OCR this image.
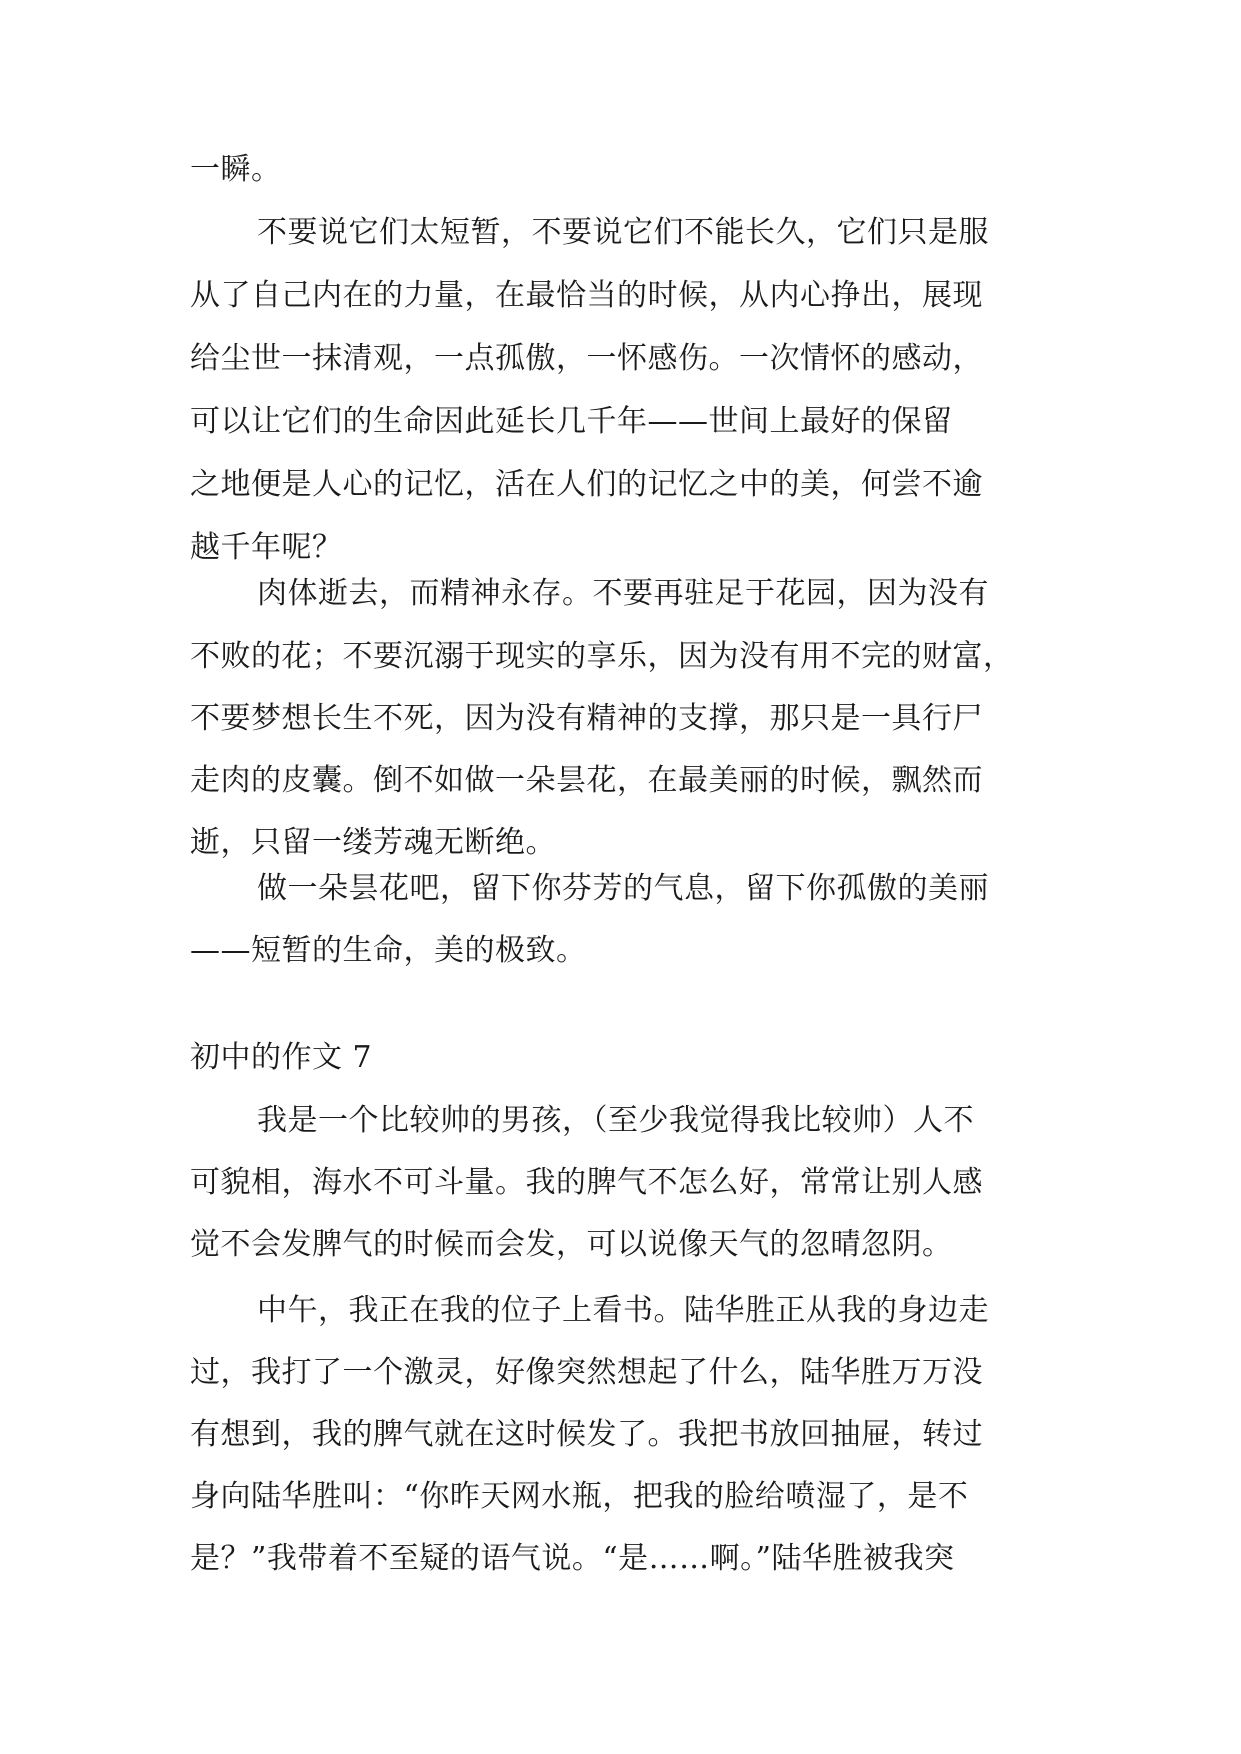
一瞬。
不要说它们太短暂，不要说它们不能长久，它们只是服
从了自己内在的力量，在最恰当的时候，从内心挣出，展现
给尘世一抹清观，一点孤傲，一怀感伤。一次情怀的感动，
可以让它们的生命因此延长几千年——世间上最好的保留
之地便是人心的记忆，活在人们的记忆之中的美，何尝不逾
越千年呢？
肉体逝去，而精神永存。不要再驻足于花园，因为没有
不败的花；不要沉溺于现实的享乐，因为没有用不完的财富，
不要梦想长生不死，因为没有精神的支撑，那只是一具行尸
走肉的皮囊。倒不如做一朵昙花，在最美丽的时候，飘然而
逝，只留一缕芳魂无断绝。
做一朵昙花吧，留下你芬芳的气息，留下你孤傲的美丽
——短暂的生命，美的极致。
初中的作文 7
我是一个比较帅的男孩，（至少我觉得我比较帅）人不
可貌相，海水不可斗量。我的脾气不怎么好，常常让别人感
觉不会发脾气的时候而会发，可以说像天气的忽晴忽阴。
中午，我正在我的位子上看书。陆华胜正从我的身边走
过，我打了一个激灵，好像突然想起了什么，陆华胜万万没
有想到，我的脾气就在这时候发了。我把书放回抽屉，转过
身向陆华胜叫：“你昨天网水瓶，把我的脸给喷湿了，是不
是？”我带着不至疑的语气说。“是……啊。”陆华胜被我突
